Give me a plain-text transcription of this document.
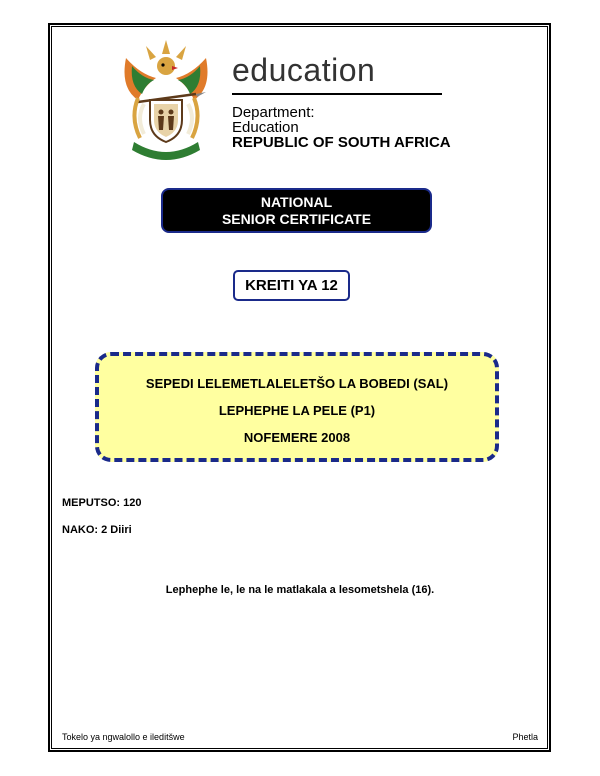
education
Department:
Education
REPUBLIC OF SOUTH AFRICA
NATIONAL
SENIOR CERTIFICATE
KREITI YA 12
SEPEDI LELEMETLALELETŠO LA BOBEDI (SAL)
LEPHEPHE LA PELE (P1)
NOFEMERE 2008
MEPUTSO: 120
NAKO: 2 Diiri
Lephephe le, le na le matlakala a lesometshela (16).
Tokelo ya ngwalollo e ileditšwe	Phetla
